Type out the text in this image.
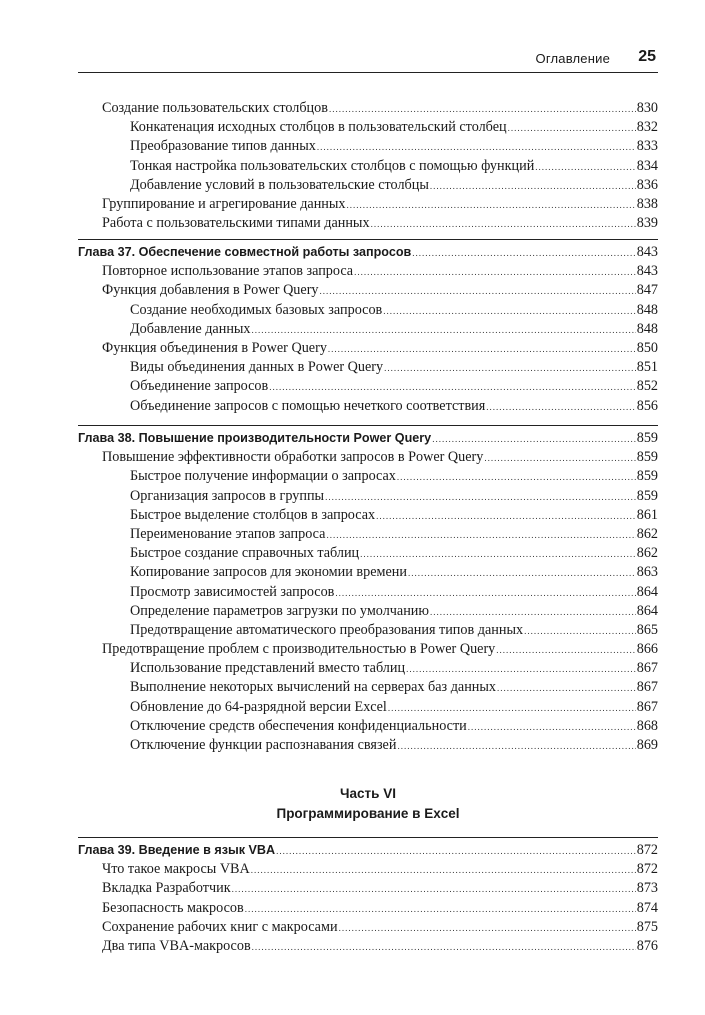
Оглавление 25
Создание пользовательских столбцов .....	830
Конкатенация исходных столбцов в пользовательский столбец .....	832
Преобразование типов данных .....	833
Тонкая настройка пользовательских столбцов с помощью функций .....	834
Добавление условий в пользовательские столбцы .....	836
Группирование и агрегирование данных .....	838
Работа с пользовательскими типами данных .....	839
Глава 37. Обеспечение совместной работы запросов .....	843
Повторное использование этапов запроса .....	843
Функция добавления в Power Query .....	847
Создание необходимых базовых запросов .....	848
Добавление данных .....	848
Функция объединения в Power Query .....	850
Виды объединения данных в Power Query .....	851
Объединение запросов .....	852
Объединение запросов с помощью нечеткого соответствия .....	856
Глава 38. Повышение производительности Power Query .....	859
Повышение эффективности обработки запросов в Power Query .....	859
Быстрое получение информации о запросах .....	859
Организация запросов в группы .....	859
Быстрое выделение столбцов в запросах .....	861
Переименование этапов запроса .....	862
Быстрое создание справочных таблиц .....	862
Копирование запросов для экономии времени .....	863
Просмотр зависимостей запросов .....	864
Определение параметров загрузки по умолчанию .....	864
Предотвращение автоматического преобразования типов данных .....	865
Предотвращение проблем с производительностью в Power Query .....	866
Использование представлений вместо таблиц .....	867
Выполнение некоторых вычислений на серверах баз данных .....	867
Обновление до 64-разрядной версии Excel .....	867
Отключение средств обеспечения конфиденциальности .....	868
Отключение функции распознавания связей .....	869
Часть VI
Программирование в Excel
Глава 39. Введение в язык VBA .....	872
Что такое макросы VBA .....	872
Вкладка Разработчик .....	873
Безопасность макросов .....	874
Сохранение рабочих книг с макросами .....	875
Два типа VBA-макросов .....	876
